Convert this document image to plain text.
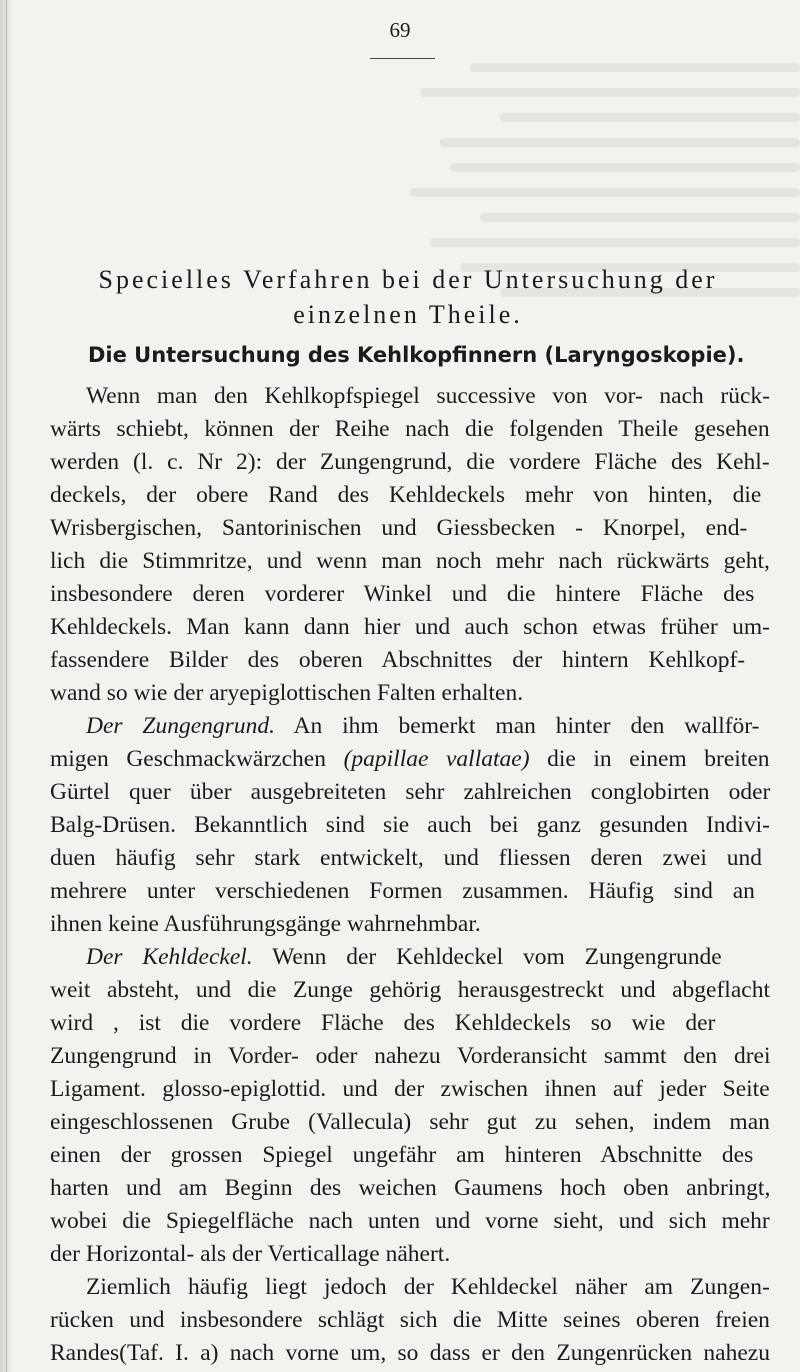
69
Specielles Verfahren bei der Untersuchung der
einzelnen Theile.
Die Untersuchung des Kehlkopfinnern (Laryngoskopie).
Wenn man den Kehlkopfspiegel successive von vor- nach rück-
wärts schiebt, können der Reihe nach die folgenden Theile gesehen
werden (l. c. Nr 2): der Zungengrund, die vordere Fläche des Kehl-
deckels, der obere Rand des Kehldeckels mehr von hinten, die
Wrisbergischen, Santorinischen und Giessbecken - Knorpel, end-
lich die Stimmritze, und wenn man noch mehr nach rückwärts geht,
insbesondere deren vorderer Winkel und die hintere Fläche des
Kehldeckels. Man kann dann hier und auch schon etwas früher um-
fassendere Bilder des oberen Abschnittes der hintern Kehlkopf-
wand so wie der aryepiglottischen Falten erhalten.
Der Zungengrund. An ihm bemerkt man hinter den wallför-
migen Geschmackwärzchen (papillae vallatae) die in einem breiten
Gürtel quer über ausgebreiteten sehr zahlreichen conglobirten oder
Balg-Drüsen. Bekanntlich sind sie auch bei ganz gesunden Indivi-
duen häufig sehr stark entwickelt, und fliessen deren zwei und
mehrere unter verschiedenen Formen zusammen. Häufig sind an
ihnen keine Ausführungsgänge wahrnehmbar.
Der Kehldeckel. Wenn der Kehldeckel vom Zungengrunde
weit absteht, und die Zunge gehörig herausgestreckt und abgeflacht
wird , ist die vordere Fläche des Kehldeckels so wie der
Zungengrund in Vorder- oder nahezu Vorderansicht sammt den drei
Ligament. glosso-epiglottid. und der zwischen ihnen auf jeder Seite
eingeschlossenen Grube (Vallecula) sehr gut zu sehen, indem man
einen der grossen Spiegel ungefähr am hinteren Abschnitte des
harten und am Beginn des weichen Gaumens hoch oben anbringt,
wobei die Spiegelfläche nach unten und vorne sieht, und sich mehr
der Horizontal- als der Verticallage nähert.
Ziemlich häufig liegt jedoch der Kehldeckel näher am Zungen-
rücken und insbesondere schlägt sich die Mitte seines oberen freien
Randes(Taf. I. a) nach vorne um, so dass er den Zungenrücken nahezu
